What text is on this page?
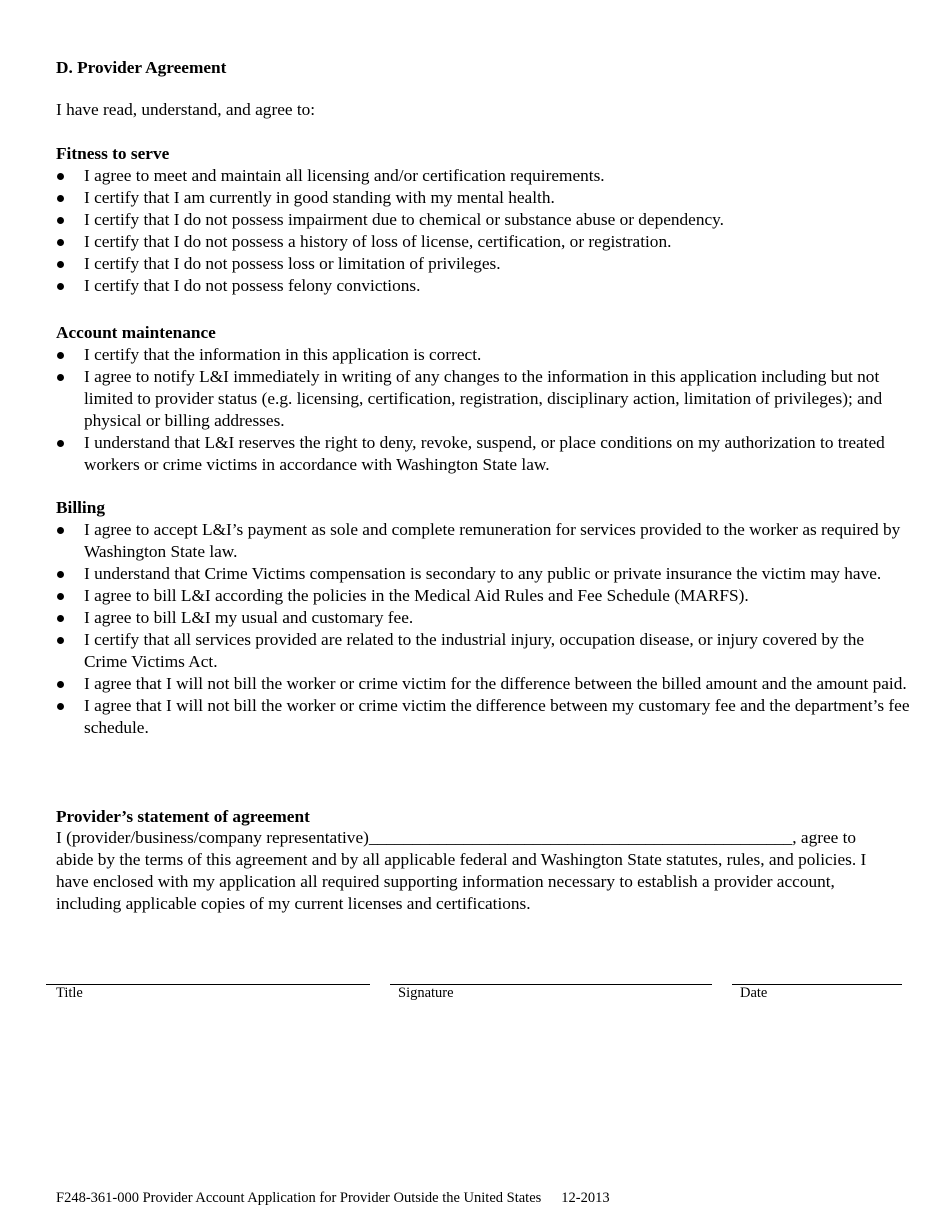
D. Provider Agreement

I have read, understand, and agree to:

Fitness to serve
I agree to meet and maintain all licensing and/or certification requirements.
I certify that I am currently in good standing with my mental health.
I certify that I do not possess impairment due to chemical or substance abuse or dependency.
I certify that I do not possess a history of loss of license, certification, or registration.
I certify that I do not possess loss or limitation of privileges.
I certify that I do not possess felony convictions.
Account maintenance
I certify that the information in this application is correct.
I agree to notify L&I immediately in writing of any changes to the information in this application including but not limited to provider status (e.g. licensing, certification, registration, disciplinary action, limitation of privileges); and physical or billing addresses.
I understand that L&I reserves the right to deny, revoke, suspend, or place conditions on my authorization to treated workers or crime victims in accordance with Washington State law.
Billing
I agree to accept L&I’s payment as sole and complete remuneration for services provided to the worker as required by Washington State law.
I understand that Crime Victims compensation is secondary to any public or private insurance the victim may have.
I agree to bill L&I according the policies in the Medical Aid Rules and Fee Schedule (MARFS).
I agree to bill L&I my usual and customary fee.
I certify that all services provided are related to the industrial injury, occupation disease, or injury covered by the Crime Victims Act.
I agree that I will not bill the worker or crime victim for the difference between the billed amount and the amount paid.
I agree that I will not bill the worker or crime victim the difference between my customary fee and the department’s fee schedule.
Provider’s statement of agreement

I (provider/business/company representative)_________________________________________________, agree to abide by the terms of this agreement and by all applicable federal and Washington State statutes, rules, and policies. I have enclosed with my application all required supporting information necessary to establish a provider account, including applicable copies of my current licenses and certifications.

Title	Signature	Date
F248-361-000 Provider Account Application for Provider Outside the United States 12-2013
